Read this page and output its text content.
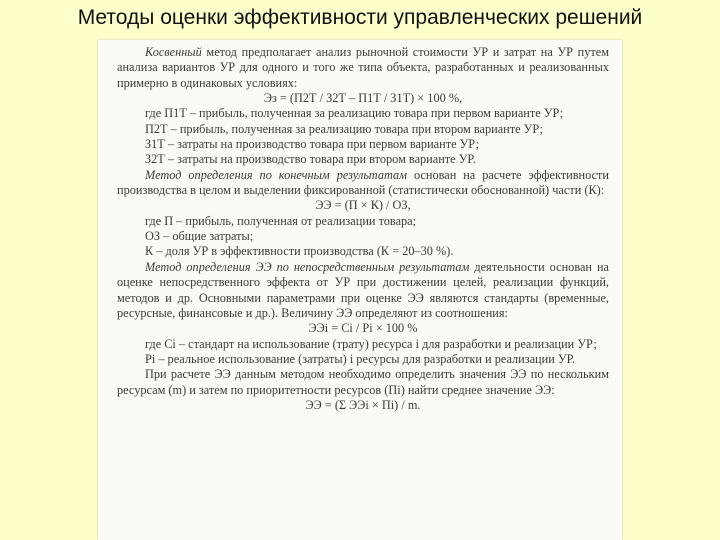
Методы оценки эффективности управленческих решений

Косвенный метод предполагает анализ рыночной стоимости УР и затрат на УР путем анализа вариантов УР для одного и того же типа объекта, разработанных и реализованных примерно в одинаковых условиях:

Эз = (П2Т / З2Т – П1Т / З1Т) × 100 %,

где П1Т – прибыль, полученная за реализацию товара при первом варианте УР;

П2Т – прибыль, полученная за реализацию товара при втором варианте УР;

З1Т – затраты на производство товара при первом варианте УР;

З2Т – затраты на производство товара при втором варианте УР.

Метод определения по конечным результатам основан на расчете эффективности производства в целом и выделении фиксированной (статистически обоснованной) части (К):

ЭЭ = (П × К) / ОЗ,

где П – прибыль, полученная от реализации товара;

ОЗ – общие затраты;

К – доля УР в эффективности производства (К = 20–30 %).

Метод определения ЭЭ по непосредственным результатам деятельности основан на оценке непосредственного эффекта от УР при достижении целей, реализации функций, методов и др. Основными параметрами при оценке ЭЭ являются стандарты (временные, ресурсные, финансовые и др.). Величину ЭЭ определяют из соотношения:

ЭЭi = Сi / Рi × 100 %

где Сi – стандарт на использование (трату) ресурса i для разработки и реализации УР;

Рi – реальное использование (затраты) i ресурсы для разработки и реализации УР.

При расчете ЭЭ данным методом необходимо определить значения ЭЭ по нескольким ресурсам (m) и затем по приоритетности ресурсов (Пi) найти среднее значение ЭЭ:

ЭЭ = (Σ ЭЭi × Пi) / m.
